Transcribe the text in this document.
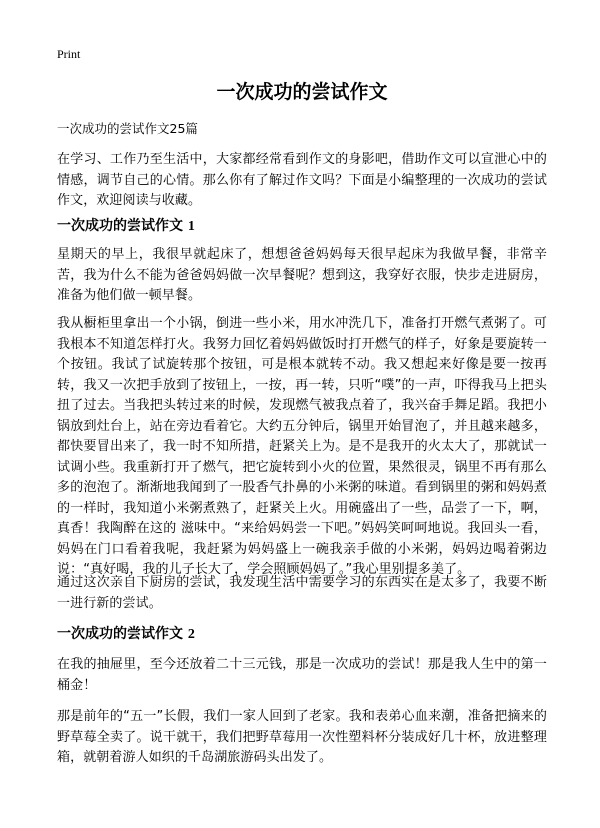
Print
一次成功的尝试作文
一次成功的尝试作文25篇

在学习、工作乃至生活中，大家都经常看到作文的身影吧，借助作文可以宣泄心中的情感，调节自己的心情。那么你有了解过作文吗？下面是小编整理的一次成功的尝试作文，欢迎阅读与收藏。

一次成功的尝试作文 1

星期天的早上，我很早就起床了，想想爸爸妈妈每天很早起床为我做早餐，非常辛苦，我为什么不能为爸爸妈妈做一次早餐呢？想到这，我穿好衣服，快步走进厨房，准备为他们做一顿早餐。

我从橱柜里拿出一个小锅，倒进一些小米，用水冲洗几下，准备打开燃气煮粥了。可我根本不知道怎样打火。我努力回忆着妈妈做饭时打开燃气的样子，好象是要旋转一个按钮。我试了试旋转那个按钮，可是根本就转不动。我又想起来好像是要一按再转，我又一次把手放到了按钮上，一按，再一转，只听“噗”的一声，吓得我马上把头扭了过去。当我把头转过来的时候，发现燃气被我点着了，我兴奋手舞足蹈。我把小锅放到灶台上，站在旁边看着它。大约五分钟后，锅里开始冒泡了，并且越来越多，都快要冒出来了，我一时不知所措，赶紧关上为。是不是我开的火太大了，那就试一试调小些。我重新打开了燃气，把它旋转到小火的位置，果然很灵，锅里不再有那么多的泡泡了。渐渐地我闻到了一股香气扑鼻的小米粥的味道。看到锅里的粥和妈妈煮的一样时，我知道小米粥煮熟了，赶紧关上火。用碗盛出了一些，品尝了一下，啊，真香！我陶醉在这的 滋味中。“来给妈妈尝一下吧。”妈妈笑呵呵地说。我回头一看，妈妈在门口看着我呢，我赶紧为妈妈盛上一碗我亲手做的小米粥，妈妈边喝着粥边说：“真好喝，我的儿子长大了，学会照顾妈妈了。”我心里别提多美了。

通过这次亲自下厨房的尝试，我发现生活中需要学习的东西实在是太多了，我要不断一进行新的尝试。

一次成功的尝试作文 2

在我的抽屉里，至今还放着二十三元钱，那是一次成功的尝试！那是我人生中的第一桶金！

那是前年的“五一”长假，我们一家人回到了老家。我和表弟心血来潮，准备把摘来的野草莓全卖了。说干就干，我们把野草莓用一次性塑料杯分装成好几十杯，放进整理箱，就朝着游人如织的千岛湖旅游码头出发了。
